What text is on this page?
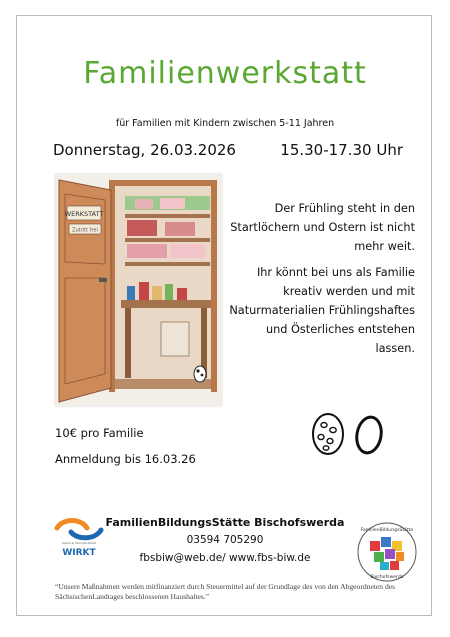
Familienwerkstatt
für Familien mit Kindern zwischen 5-11 Jahren
Donnerstag, 26.03.2026	15.30-17.30 Uhr
WERKSTATT
Zutritt frei

Der Frühling steht in den Startlöchern und Ostern ist nicht mehr weit.

Ihr könnt bei uns als Familie kreativ werden und mit Naturmaterialien Frühlingshaftes und Österliches entstehen lassen.

10€ pro Familie
Anmeldung bis 16.03.26
Sozial & Familienarbeit
WIRKT
FamilienBildungsStätte Bischofswerda
03594 705290
fbsbiw@web.de/ www.fbs-biw.de
FamilienBildungsStätte
Bischofswerda
“Unsere Maßnahmen werden mitfinanziert durch Steuermittel auf der Grundlage des von den Abgeordneten des SächsischenLandtages beschlossenen Haushaltes.”
